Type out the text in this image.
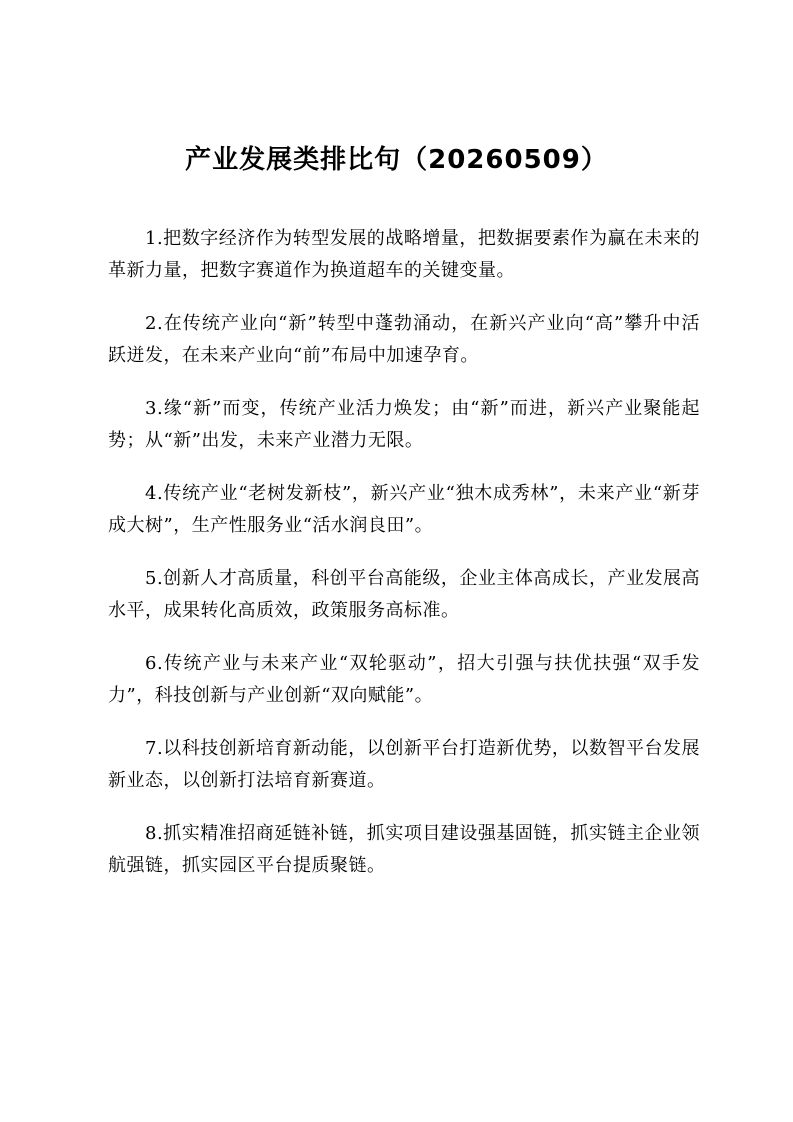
产业发展类排比句（20260509）

1.把数字经济作为转型发展的战略增量，把数据要素作为赢在未来的革新力量，把数字赛道作为换道超车的关键变量。

2.在传统产业向“新”转型中蓬勃涌动，在新兴产业向“高”攀升中活跃迸发，在未来产业向“前”布局中加速孕育。

3.缘“新”而变，传统产业活力焕发；由“新”而进，新兴产业聚能起势；从“新”出发，未来产业潜力无限。

4.传统产业“老树发新枝”，新兴产业“独木成秀林”，未来产业“新芽成大树”，生产性服务业“活水润良田”。

5.创新人才高质量，科创平台高能级，企业主体高成长，产业发展高水平，成果转化高质效，政策服务高标准。

6.传统产业与未来产业“双轮驱动”，招大引强与扶优扶强“双手发力”，科技创新与产业创新“双向赋能”。

7.以科技创新培育新动能，以创新平台打造新优势，以数智平台发展新业态，以创新打法培育新赛道。

8.抓实精准招商延链补链，抓实项目建设强基固链，抓实链主企业领航强链，抓实园区平台提质聚链。
